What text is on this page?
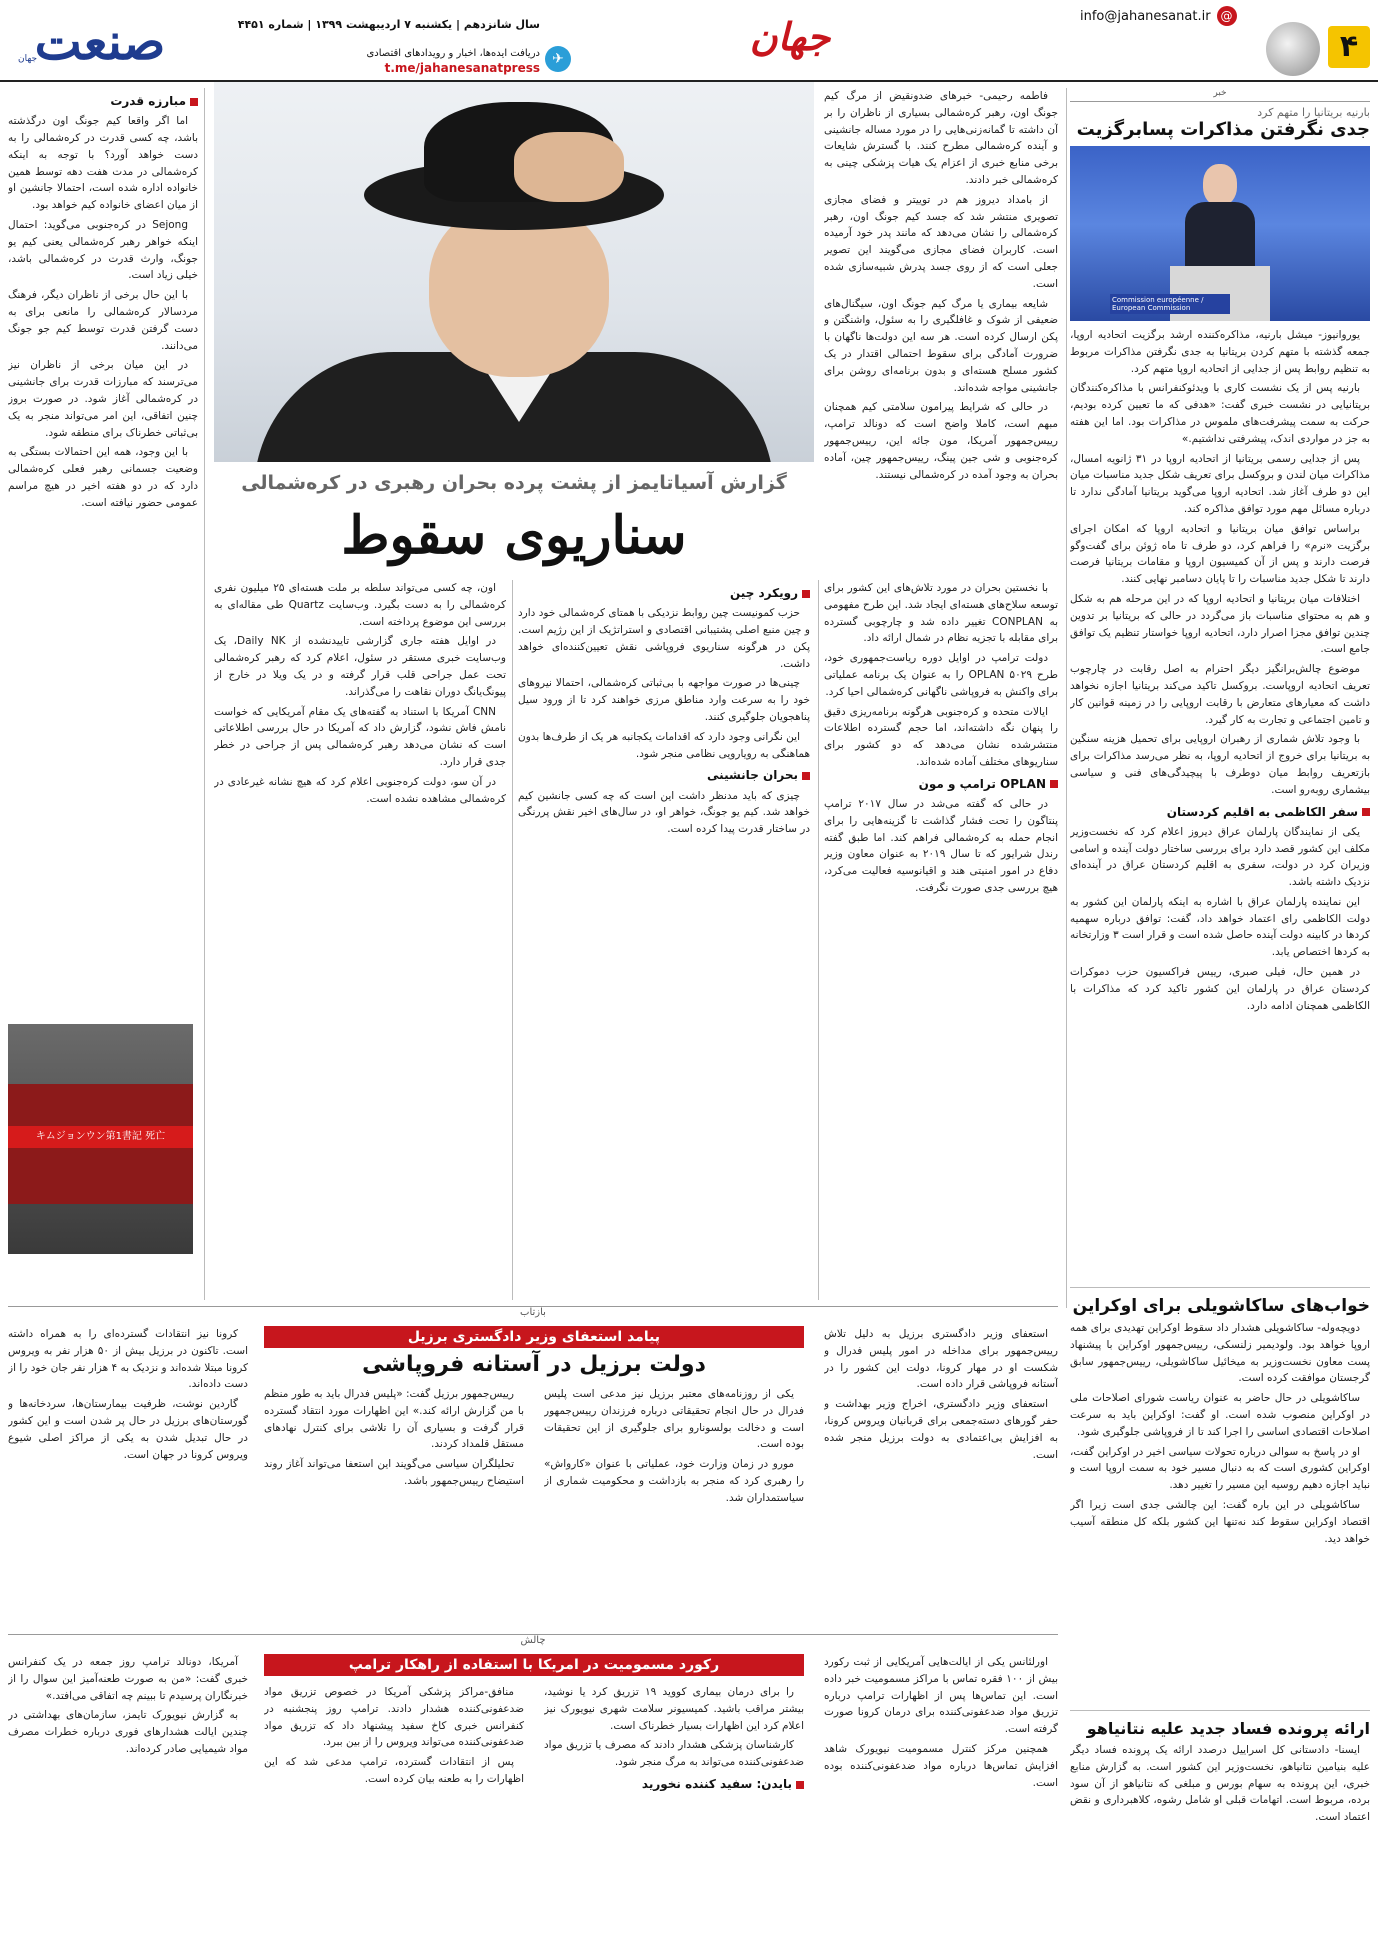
۴
info@jahanesanat.ir @
جهان
سال شانزدهم | یکشنبه ۷ اردیبهشت ۱۳۹۹ | شماره ۴۴۵۱
دریافت ایده‌ها، اخبار و رویدادهای اقتصادی
t.me/jahanesanatpress
✈
صنعت
جهان
خبر
بارنیه بریتانیا را متهم کرد
جدی نگرفتن مذاکرات پسابرگزیت
Commission européenne / European Commission

یوروانیوز- میشل بارنیه، مذاکره‌کننده ارشد برگزیت اتحادیه اروپا، جمعه گذشته با متهم کردن بریتانیا به جدی نگرفتن مذاکرات مربوط به تنظیم روابط پس از جدایی از اتحادیه اروپا متهم کرد.

بارنیه پس از یک نشست کاری با ویدئوکنفرانس با مذاکره‌کنندگان بریتانیایی در نشست خبری گفت: «هدفی که ما تعیین کرده بودیم، حرکت به سمت پیشرفت‌های ملموس در مذاکرات بود. اما این هفته به جز در مواردی اندک، پیشرفتی نداشتیم.»

پس از جدایی رسمی بریتانیا از اتحادیه اروپا در ۳۱ ژانویه امسال، مذاکرات میان لندن و بروکسل برای تعریف شکل جدید مناسبات میان این دو طرف آغاز شد. اتحادیه اروپا می‌گوید بریتانیا آمادگی ندارد تا درباره مسائل مهم مورد توافق مذاکره کند.

براساس توافق میان بریتانیا و اتحادیه اروپا که امکان اجرای برگزیت «نرم» را فراهم کرد، دو طرف تا ماه ژوئن برای گفت‌وگو فرصت دارند و پس از آن کمیسیون اروپا و مقامات بریتانیا فرصت دارند تا شکل جدید مناسبات را تا پایان دسامبر نهایی کنند.

اختلافات میان بریتانیا و اتحادیه اروپا که در این مرحله هم به شکل و هم به محتوای مناسبات باز می‌گردد در حالی که بریتانیا بر تدوین چندین توافق مجزا اصرار دارد، اتحادیه اروپا خواستار تنظیم یک توافق جامع است.

موضوع چالش‌برانگیز دیگر احترام به اصل رقابت در چارچوب تعریف اتحادیه اروپاست. بروکسل تاکید می‌کند بریتانیا اجازه نخواهد داشت که معیارهای متعارض با رقابت اروپایی را در زمینه قوانین کار و تامین اجتماعی و تجارت به کار گیرد.

با وجود تلاش شماری از رهبران اروپایی برای تحمیل هزینه سنگین به بریتانیا برای خروج از اتحادیه اروپا، به نظر می‌رسد مذاکرات برای بازتعریف روابط میان دوطرف با پیچیدگی‌های فنی و سیاسی بیشماری روبه‌رو است.

سفر الکاظمی به اقلیم کردستان

یکی از نمایندگان پارلمان عراق دیروز اعلام کرد که نخست‌وزیر مکلف این کشور قصد دارد برای بررسی ساختار دولت آینده و اسامی وزیران کرد در دولت، سفری به اقلیم کردستان عراق در آینده‌ای نزدیک داشته باشد.

این نماینده پارلمان عراق با اشاره به اینکه پارلمان این کشور به دولت الکاظمی رای اعتماد خواهد داد، گفت: توافق درباره سهمیه کردها در کابینه دولت آینده حاصل شده است و قرار است ۳ وزارتخانه به کردها اختصاص یابد.

در همین حال، فیلی صبری، رییس فراکسیون حزب دموکرات کردستان عراق در پارلمان این کشور تاکید کرد که مذاکرات با الکاظمی همچنان ادامه دارد.

خواب‌های ساکاشویلی برای اوکراین

دویچه‌وله- ساکاشویلی هشدار داد سقوط اوکراین تهدیدی برای همه اروپا خواهد بود. ولودیمیر زلنسکی، رییس‌جمهور اوکراین با پیشنهاد پست معاون نخست‌وزیر به میخائیل ساکاشویلی، رییس‌جمهور سابق گرجستان موافقت کرده است.

ساکاشویلی در حال حاضر به عنوان ریاست شورای اصلاحات ملی در اوکراین منصوب شده است. او گفت: اوکراین باید به سرعت اصلاحات اقتصادی اساسی را اجرا کند تا از فروپاشی جلوگیری شود.

او در پاسخ به سوالی درباره تحولات سیاسی اخیر در اوکراین گفت، اوکراین کشوری است که به دنبال مسیر خود به سمت اروپا است و نباید اجازه دهیم روسیه این مسیر را تغییر دهد.

ساکاشویلی در این باره گفت: این چالشی جدی است زیرا اگر اقتصاد اوکراین سقوط کند نه‌تنها این کشور بلکه کل منطقه آسیب خواهد دید.

ارائه پرونده فساد جدید علیه نتانیاهو

ایسنا- دادستانی کل اسراییل درصدد ارائه یک پرونده فساد دیگر علیه بنیامین نتانیاهو، نخست‌وزیر این کشور است. به گزارش منابع خبری، این پرونده به سهام بورس و مبلغی که نتانیاهو از آن سود برده، مربوط است. اتهامات قبلی او شامل رشوه، کلاهبرداری و نقض اعتماد است.

گزارش آسیاتایمز از پشت پرده بحران رهبری در کره‌شمالی
سناریوی سقوط

فاطمه رحیمی- خبرهای ضدونقیض از مرگ کیم جونگ اون، رهبر کره‌شمالی بسیاری از ناظران را بر آن داشته تا گمانه‌زنی‌هایی را در مورد مساله جانشینی و آینده کره‌شمالی مطرح کنند. با گسترش شایعات برخی منابع خبری از اعزام یک هیات پزشکی چینی به کره‌شمالی خبر دادند.

از بامداد دیروز هم در توییتر و فضای مجازی تصویری منتشر شد که جسد کیم جونگ اون، رهبر کره‌شمالی را نشان می‌دهد که مانند پدر خود آرمیده است. کاربران فضای مجازی می‌گویند این تصویر جعلی است که از روی جسد پدرش شبیه‌سازی شده است.

شایعه بیماری یا مرگ کیم جونگ اون، سیگنال‌های ضعیفی از شوک و غافلگیری را به سئول، واشنگتن و پکن ارسال کرده است. هر سه این دولت‌ها ناگهان با ضرورت آمادگی برای سقوط احتمالی اقتدار در یک کشور مسلح هسته‌ای و بدون برنامه‌ای روشن برای جانشینی مواجه شده‌اند.

در حالی که شرایط پیرامون سلامتی کیم همچنان مبهم است، کاملا واضح است که دونالد ترامپ، رییس‌جمهور آمریکا، مون جائه این، رییس‌جمهور کره‌جنوبی و شی جین پینگ، رییس‌جمهور چین، آماده بحران به وجود آمده در کره‌شمالی نیستند.

با نخستین بحران در مورد تلاش‌های این کشور برای توسعه سلاح‌های هسته‌ای ایجاد شد. این طرح مفهومی به CONPLAN تغییر داده شد و چارچوبی گسترده برای مقابله با تجزیه نظام در شمال ارائه داد.

دولت ترامپ در اوایل دوره ریاست‌جمهوری خود، طرح OPLAN ۵۰۲۹ را به عنوان یک برنامه عملیاتی برای واکنش به فروپاشی ناگهانی کره‌شمالی احیا کرد.

ایالات متحده و کره‌جنوبی هرگونه برنامه‌ریزی دقیق را پنهان نگه داشته‌اند، اما حجم گسترده اطلاعات منتشرشده نشان می‌دهد که دو کشور برای سناریوهای مختلف آماده شده‌اند.

OPLAN ترامپ و مون

در حالی که گفته می‌شد در سال ۲۰۱۷ ترامپ پنتاگون را تحت فشار گذاشت تا گزینه‌هایی را برای انجام حمله به کره‌شمالی فراهم کند. اما طبق گفته رندل شرایور که تا سال ۲۰۱۹ به عنوان معاون وزیر دفاع در امور امنیتی هند و اقیانوسیه فعالیت می‌کرد، هیچ بررسی جدی صورت نگرفت.

رویکرد چین

حزب کمونیست چین روابط نزدیکی با همتای کره‌شمالی خود دارد و چین منبع اصلی پشتیبانی اقتصادی و استراتژیک از این رژیم است. پکن در هرگونه سناریوی فروپاشی نقش تعیین‌کننده‌ای خواهد داشت.

چینی‌ها در صورت مواجهه با بی‌ثباتی کره‌شمالی، احتمالا نیروهای خود را به سرعت وارد مناطق مرزی خواهند کرد تا از ورود سیل پناهجویان جلوگیری کنند.

این نگرانی وجود دارد که اقدامات یکجانبه هر یک از طرف‌ها بدون هماهنگی به رویارویی نظامی منجر شود.

بحران جانشینی

چیزی که باید مدنظر داشت این است که چه کسی جانشین کیم خواهد شد. کیم یو جونگ، خواهر او، در سال‌های اخیر نقش پررنگی در ساختار قدرت پیدا کرده است.

اون، چه کسی می‌تواند سلطه بر ملت هسته‌ای ۲۵ میلیون نفری کره‌شمالی را به دست بگیرد. وب‌سایت Quartz طی مقاله‌ای به بررسی این موضوع پرداخته است.

در اوایل هفته جاری گزارشی تاییدنشده از Daily NK، یک وب‌سایت خبری مستقر در سئول، اعلام کرد که رهبر کره‌شمالی تحت عمل جراحی قلب قرار گرفته و در یک ویلا در خارج از پیونگ‌یانگ دوران نقاهت را می‌گذراند.

CNN آمریکا با استناد به گفته‌های یک مقام آمریکایی که خواست نامش فاش نشود، گزارش داد که آمریکا در حال بررسی اطلاعاتی است که نشان می‌دهد رهبر کره‌شمالی پس از جراحی در خطر جدی قرار دارد.

در آن سو، دولت کره‌جنوبی اعلام کرد که هیچ نشانه غیرعادی در کره‌شمالی مشاهده نشده است.

مبارزه قدرت

اما اگر واقعا کیم جونگ اون درگذشته باشد، چه کسی قدرت در کره‌شمالی را به دست خواهد آورد؟ با توجه به اینکه کره‌شمالی در مدت هفت دهه توسط همین خانواده اداره شده است، احتمالا جانشین او از میان اعضای خانواده کیم خواهد بود.

Sejong در کره‌جنوبی می‌گوید: احتمال اینکه خواهر رهبر کره‌شمالی یعنی کیم یو جونگ، وارث قدرت در کره‌شمالی باشد، خیلی زیاد است.

با این حال برخی از ناظران دیگر، فرهنگ مردسالار کره‌شمالی را مانعی برای به دست گرفتن قدرت توسط کیم جو جونگ می‌دانند.

در این میان برخی از ناظران نیز می‌ترسند که مبارزات قدرت برای جانشینی در کره‌شمالی آغاز شود. در صورت بروز چنین اتفاقی، این امر می‌تواند منجر به یک بی‌ثباتی خطرناک برای منطقه شود.

با این وجود، همه این احتمالات بستگی به وضعیت جسمانی رهبر فعلی کره‌شمالی دارد که در دو هفته اخیر در هیچ مراسم عمومی حضور نیافته است.

キムジョンウン第1書記 死亡
بازتاب
پیامد استعفای وزیر دادگستری برزیل
دولت برزیل در آستانه فروپاشی

استعفای وزیر دادگستری برزیل به دلیل تلاش رییس‌جمهور برای مداخله در امور پلیس فدرال و شکست او در مهار کرونا، دولت این کشور را در آستانه فروپاشی قرار داده است.

استعفای وزیر دادگستری، اخراج وزیر بهداشت و حفر گورهای دسته‌جمعی برای قربانیان ویروس کرونا، به افزایش بی‌اعتمادی به دولت برزیل منجر شده است.

یکی از روزنامه‌های معتبر برزیل نیز مدعی است پلیس فدرال در حال انجام تحقیقاتی درباره فرزندان رییس‌جمهور است و دخالت بولسونارو برای جلوگیری از این تحقیقات بوده است.

مورو در زمان وزارت خود، عملیاتی با عنوان «کارواش» را رهبری کرد که منجر به بازداشت و محکومیت شماری از سیاستمداران شد.

رییس‌جمهور برزیل گفت: «پلیس فدرال باید به طور منظم با من گزارش ارائه کند.» این اظهارات مورد انتقاد گسترده قرار گرفت و بسیاری آن را تلاشی برای کنترل نهادهای مستقل قلمداد کردند.

تحلیلگران سیاسی می‌گویند این استعفا می‌تواند آغاز روند استیضاح رییس‌جمهور باشد.

کرونا نیز انتقادات گسترده‌ای را به همراه داشته است. تاکنون در برزیل بیش از ۵۰ هزار نفر به ویروس کرونا مبتلا شده‌اند و نزدیک به ۴ هزار نفر جان خود را از دست داده‌اند.

گاردین نوشت، ظرفیت بیمارستان‌ها، سردخانه‌ها و گورستان‌های برزیل در حال پر شدن است و این کشور در حال تبدیل شدن به یکی از مراکز اصلی شیوع ویروس کرونا در جهان است.

چالش
رکورد مسمومیت در امریکا با استفاده از راهکار ترامپ	اورلئانس یکی از ایالت‌هایی آمریکایی از ثبت رکورد بیش از ۱۰۰ فقره تماس با مراکز مسمومیت خبر داده است. این تماس‌ها پس از اظهارات ترامپ درباره تزریق مواد ضدعفونی‌کننده برای درمان کرونا صورت گرفته است.

همچنین مرکز کنترل مسمومیت نیویورک شاهد افزایش تماس‌ها درباره مواد ضدعفونی‌کننده بوده است.

را برای درمان بیماری کووید ۱۹ تزریق کرد یا نوشید، بیشتر مراقب باشید. کمیسیونر سلامت شهری نیویورک نیز اعلام کرد این اظهارات بسیار خطرناک است.

کارشناسان پزشکی هشدار دادند که مصرف یا تزریق مواد ضدعفونی‌کننده می‌تواند به مرگ منجر شود.

بایدن: سفید کننده نخورید

منافق-مراکز پزشکی آمریکا در خصوص تزریق مواد ضدعفونی‌کننده هشدار دادند. ترامپ روز پنجشنبه در کنفرانس خبری کاخ سفید پیشنهاد داد که تزریق مواد ضدعفونی‌کننده می‌تواند ویروس را از بین ببرد.

پس از انتقادات گسترده، ترامپ مدعی شد که این اظهارات را به طعنه بیان کرده است.

آمریکا، دونالد ترامپ روز جمعه در یک کنفرانس خبری گفت: «من به صورت طعنه‌آمیز این سوال را از خبرنگاران پرسیدم تا ببینم چه اتفاقی می‌افتد.»

به گزارش نیویورک تایمز، سازمان‌های بهداشتی در چندین ایالت هشدارهای فوری درباره خطرات مصرف مواد شیمیایی صادر کرده‌اند.
